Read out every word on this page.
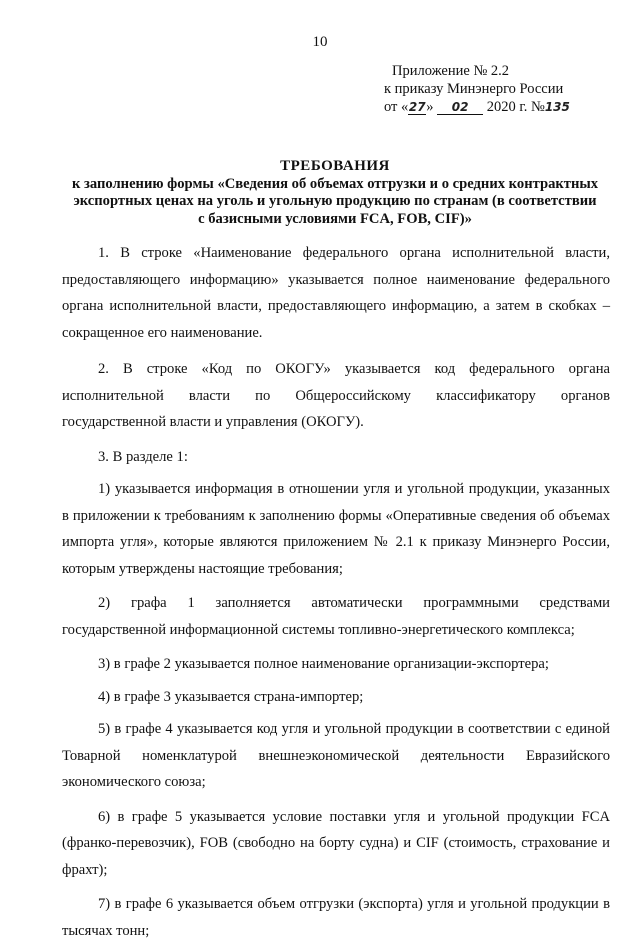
10
Приложение № 2.2
к приказу Минэнерго России
от «27» 02 2020 г. №135
ТРЕБОВАНИЯ
к заполнению формы «Сведения об объемах отгрузки и о средних контрактных
экспортных ценах на уголь и угольную продукцию по странам (в соответствии
с базисными условиями FCA, FOB, CIF)»

1. В строке «Наименование федерального органа исполнительной власти, предоставляющего информацию» указывается полное наименование федерального органа исполнительной власти, предоставляющего информацию, а затем в скобках – сокращенное его наименование.

2. В строке «Код по ОКОГУ» указывается код федерального органа исполнительной власти по Общероссийскому классификатору органов государственной власти и управления (ОКОГУ).

3. В разделе 1:

1) указывается информация в отношении угля и угольной продукции, указанных в приложении к требованиям к заполнению формы «Оперативные сведения об объемах импорта угля», которые являются приложением № 2.1 к приказу Минэнерго России, которым утверждены настоящие требования;

2) графа 1 заполняется автоматически программными средствами государственной информационной системы топливно-энергетического комплекса;

3) в графе 2 указывается полное наименование организации-экспортера;

4) в графе 3 указывается страна-импортер;

5) в графе 4 указывается код угля и угольной продукции в соответствии с единой Товарной номенклатурой внешнеэкономической деятельности Евразийского экономического союза;

6) в графе 5 указывается условие поставки угля и угольной продукции FCA (франко-перевозчик), FOB (свободно на борту судна) и CIF (стоимость, страхование и фрахт);

7) в графе 6 указывается объем отгрузки (экспорта) угля и угольной продукции в тысячах тонн;
